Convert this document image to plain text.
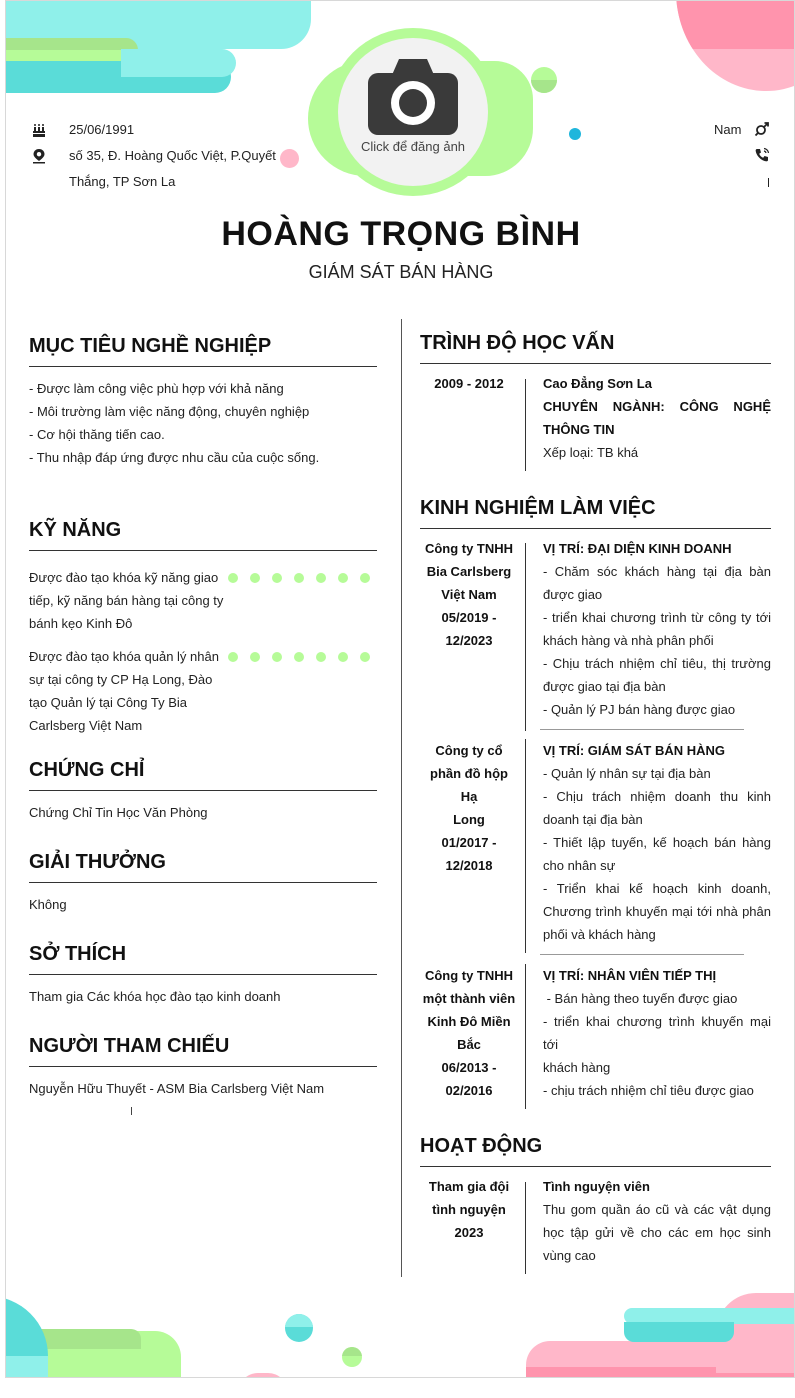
Click để đăng ảnh
25/06/1991
số 35, Đ. Hoàng Quốc Việt, P.Quyết
Thắng, TP Sơn La
Nam
HOÀNG TRỌNG BÌNH
GIÁM SÁT BÁN HÀNG
MỤC TIÊU NGHỀ NGHIỆP
- Được làm công việc phù hợp với khả năng
- Môi trường làm việc năng động, chuyên nghiệp
- Cơ hội thăng tiến cao.
- Thu nhập đáp ứng được nhu cầu của cuộc sống.
KỸ NĂNG
Được đào tạo khóa kỹ năng giao
tiếp, kỹ năng bán hàng tại công ty
bánh kẹo Kinh Đô
Được đào tạo khóa quản lý nhân
sự tại công ty CP Hạ Long, Đào
tạo Quản lý tại Công Ty Bia
Carlsberg Việt Nam
CHỨNG CHỈ
Chứng Chỉ Tin Học Văn Phòng
GIẢI THƯỞNG
Không
SỞ THÍCH
Tham gia Các khóa học đào tạo kinh doanh
NGƯỜI THAM CHIẾU
Nguyễn Hữu Thuyết - ASM Bia Carlsberg Việt Nam
TRÌNH ĐỘ HỌC VẤN
2009 - 2012	Cao Đẳng Sơn La
CHUYÊN NGÀNH: CÔNG NGHỆ
THÔNG TIN
Xếp loại: TB khá
KINH NGHIỆM LÀM VIỆC
Công ty TNHH
Bia Carlsberg
Việt Nam
05/2019 -
12/2023
VỊ TRÍ: ĐẠI DIỆN KINH DOANH
- Chăm sóc khách hàng tại địa bàn
được giao
- triển khai chương trình từ công ty tới
khách hàng và nhà phân phối
- Chịu trách nhiệm chỉ tiêu, thị trường
được giao tại địa bàn
- Quản lý PJ bán hàng được giao
Công ty cổ
phần đồ hộp Hạ
Long
01/2017 -
12/2018
VỊ TRÍ: GIÁM SÁT BÁN HÀNG
- Quản lý nhân sự tại địa bàn
- Chịu trách nhiệm doanh thu kinh
doanh tại địa bàn
- Thiết lập tuyến, kế hoạch bán hàng
cho nhân sự
- Triển khai kế hoạch kinh doanh,
Chương trình khuyến mại tới nhà phân
phối và khách hàng
Công ty TNHH
một thành viên
Kinh Đô Miền
Bắc
06/2013 -
02/2016
VỊ TRÍ: NHÂN VIÊN TIẾP THỊ
- Bán hàng theo tuyến được giao
- triển khai chương trình khuyến mại tới
khách hàng
- chịu trách nhiệm chỉ tiêu được giao
HOẠT ĐỘNG
Tham gia đội
tình nguyện
2023
Tình nguyện viên
Thu gom quần áo cũ và các vật dụng
học tập gửi về cho các em học sinh
vùng cao
